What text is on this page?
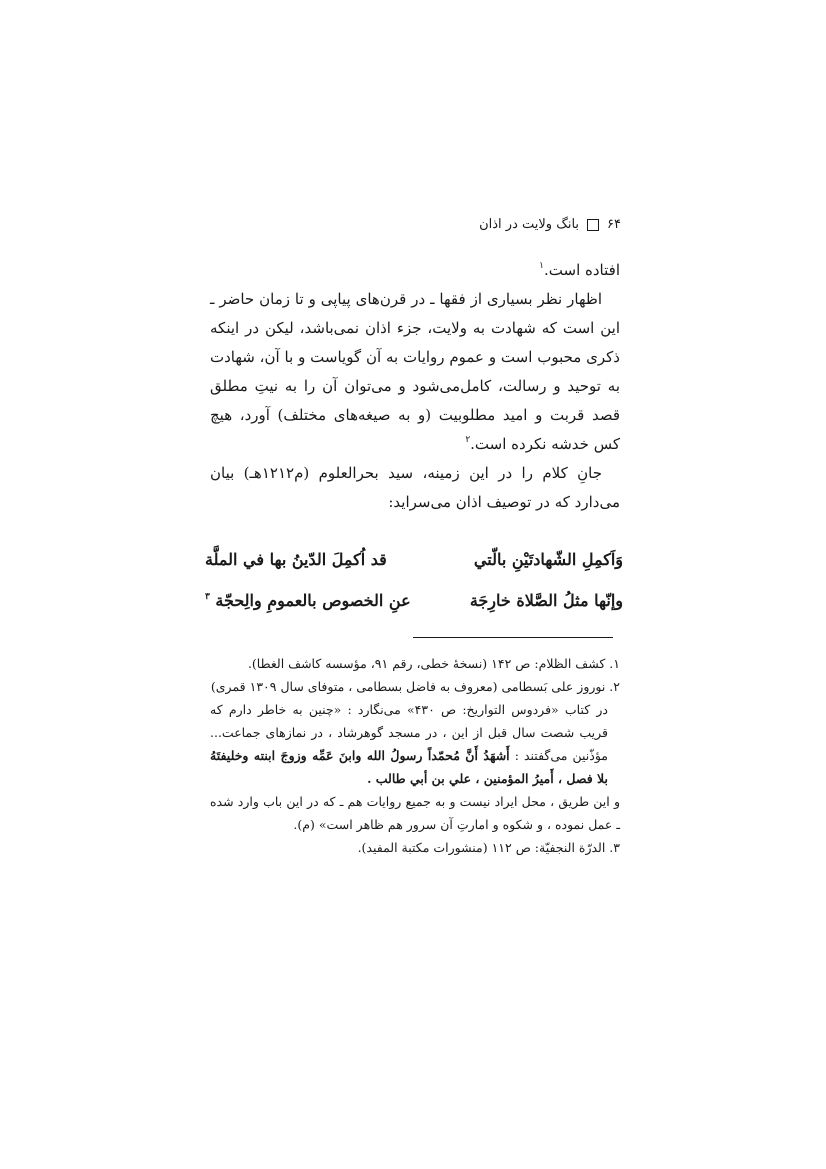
۶۴
بانگ ولایت در اذان

افتاده است.$^۱$

اظهار نظر بسیاری از فقها ـ در قرن‌های پیاپی و تا زمان حاضر ـ این است که شهادت به ولایت، جزء اذان نمی‌باشد، لیکن در اینکه ذکری محبوب است و عموم روایات به آن گویاست و با آن، شهادت به توحید و رسالت، کامل‌می‌شود و می‌توان آن را به نیتِ مطلق قصد قربت و امید مطلوبیت (و به صیغه‌های مختلف) آورد، هیچ کس خدشه نکرده است.$^۲$

جانِ کلام را در این زمینه، سید بحرالعلوم (م۱۲۱۲هـ) بیان می‌دارد که در توصیف اذان می‌سراید:

وَاَكمِلِ الشّهادتَيْنِ بالّتي
قد اُكمِلَ الدّينُ بها في الملَّة
وإنّها مثلُ الصَّلاة خارِجَة
عنِ الخصوص بالعمومِ والِحجّة $^۳$

۱. کشف الظلام: ص ۱۴۲ (نسخهٔ خطی، رقم ۹۱، مؤسسه کاشف الغطا).

۲. نوروز علی بَسطامی (معروف به فاضل بسطامی ، متوفای سال ۱۳۰۹ قمری)

در کتاب «فردوس التواریخ: ص ۴۳۰» می‌نگارد : «چنین به خاطر دارم که قریب شصت سال قبل از این ، در مسجد گوهرشاد ، در نمازهای جماعت... مؤذّنین می‌گفتند : أَشهَدُ أَنَّ مُحمّداً رسولُ الله وابنَ عَمِّه وزوجَ ابنته وخليفتَهُ بلا فصل ، أَميرُ المؤمنين ، علي بن أبي طالب .

و این طریق ، محل ایراد نیست و به جمیع روایات هم ـ که در این باب وارد شده ـ عمل نموده ، و شکوه و امارتِ آن سرور هم ظاهر است» (م).

۳. الدرّة النجفيّة: ص ۱۱۲ (منشورات مكتبة المفيد).
